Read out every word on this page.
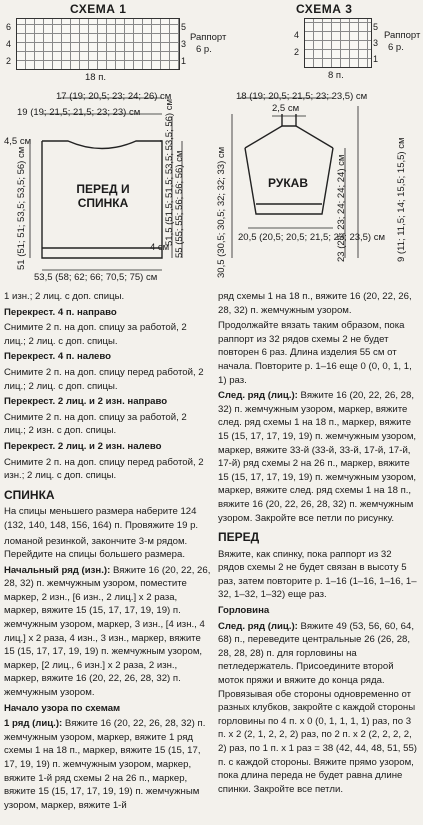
СХЕМА 1
6
4
2
5
3
1
Раппорт
6 р.
18 п.
СХЕМА 3
4
2
5
3
1
Раппорт
6 р.
8 п.
17 (19; 20,5; 23; 24; 26) см
19 (19; 21,5; 21,5; 23; 23) см
4,5 см
ПЕРЕД И
СПИНКА
4 см
53,5 (58; 62; 66; 70,5; 75) см
51 (51; 51; 53,5; 53,5; 56) см	55 (55; 55; 56; 56; 56) см
51,5 (51,5; 51,5; 53,5; 53,5; 56) см
18 (19; 20,5; 21,5; 23; 23,5) см
2,5 см
РУКАВ
20,5 (20,5; 20,5; 21,5; 23; 23,5) см
30,5 (30,5; 30,5; 32; 32; 33) см	23 (23; 23; 24; 24; 24) см	9 (11; 11,5; 14; 15,5; 15,5) см

1 изн.; 2 лиц. с доп. спицы.

Перекрест. 4 п. направо

Снимите 2 п. на доп. спицу за работой, 2 лиц.; 2 лиц. с доп. спицы.

Перекрест. 4 п. налево

Снимите 2 п. на доп. спицу перед работой, 2 лиц.; 2 лиц. с доп. спицы.

Перекрест. 2 лиц. и 2 изн. направо

Снимите 2 п. на доп. спицу за работой, 2 лиц.; 2 изн. с доп. спицы.

Перекрест. 2 лиц. и 2 изн. налево

Снимите 2 п. на доп. спицу перед работой, 2 изн.; 2 лиц. с доп. спицы.

СПИНКА

На спицы меньшего размера наберите 124 (132, 140, 148, 156, 164) п. Провяжите 19 р.

ломаной резинкой, закончите 3-м рядом. Перейдите на спицы большего размера.

Начальный ряд (изн.): Вяжите 16 (20, 22, 26, 28, 32) п. жемчужным узором, поместите маркер, 2 изн., [6 изн., 2 лиц.] x 2 раза, маркер, вяжите 15 (15, 17, 17, 19, 19) п. жемчужным узором, маркер, 3 изн., [4 изн., 4 лиц.] x 2 раза, 4 изн., 3 изн., маркер, вяжите 15 (15, 17, 17, 19, 19) п. жемчужным узором, маркер, [2 лиц., 6 изн.] x 2 раза, 2 изн., маркер, вяжите 16 (20, 22, 26, 28, 32) п. жемчужным узором.

Начало узора по схемам

1 ряд (лиц.): Вяжите 16 (20, 22, 26, 28, 32) п. жемчужным узором, маркер, вяжите 1 ряд схемы 1 на 18 п., маркер, вяжите 15 (15, 17, 17, 19, 19) п. жемчужным узором, маркер, вяжите 1-й ряд схемы 2 на 26 п., маркер, вяжите 15 (15, 17, 17, 19, 19) п. жемчужным узором, маркер, вяжите 1-й

ряд схемы 1 на 18 п., вяжите 16 (20, 22, 26, 28, 32) п. жемчужным узором.

Продолжайте вязать таким образом, пока раппорт из 32 рядов схемы 2 не будет повторен 6 раз. Длина изделия 55 см от начала. Повторите р. 1–16 еще 0 (0, 0, 1, 1, 1) раз.

След. ряд (лиц.): Вяжите 16 (20, 22, 26, 28, 32) п. жемчужным узором, маркер, вяжите след. ряд схемы 1 на 18 п., маркер, вяжите 15 (15, 17, 17, 19, 19) п. жемчужным узором, маркер, вяжите 33-й (33-й, 33-й, 17-й, 17-й, 17-й) ряд схемы 2 на 26 п., маркер, вяжите 15 (15, 17, 17, 19, 19) п. жемчужным узором, маркер, вяжите след. ряд схемы 1 на 18 п., вяжите 16 (20, 22, 26, 28, 32) п. жемчужным узором. Закройте все петли по рисунку.

ПЕРЕД

Вяжите, как спинку, пока раппорт из 32 рядов схемы 2 не будет связан в высоту 5 раз, затем повторите р. 1–16 (1–16, 1–16, 1–32, 1–32, 1–32) еще раз.

Горловина

След. ряд (лиц.): Вяжите 49 (53, 56, 60, 64, 68) п., переведите центральные 26 (26, 28, 28, 28, 28) п. для горловины на петледержатель. Присоедините второй моток пряжи и вяжите до конца ряда. Провязывая обе стороны одновременно от разных клубков, закройте с каждой стороны горловины по 4 п. x 0 (0, 1, 1, 1, 1) раз, по 3 п. x 2 (2, 1, 2, 2, 2) раз, по 2 п. x 2 (2, 2, 2, 2, 2) раз, по 1 п. x 1 раз = 38 (42, 44, 48, 51, 55) п. с каждой стороны. Вяжите прямо узором, пока длина переда не будет равна длине спинки. Закройте все петли.
